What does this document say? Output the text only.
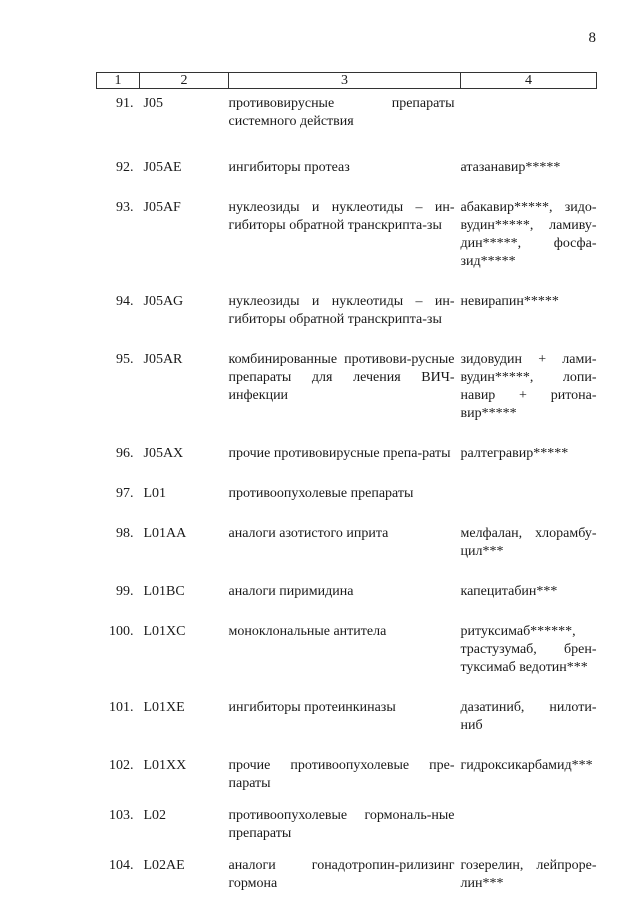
8
1	2	3	4
91.	J05	противовирусные препараты системного действия	
92.	J05AE	ингибиторы протеаз	атазанавир*****
93.	J05AF	нуклеозиды и нуклеотиды – ин-гибиторы обратной транскрипта-зы	абакавир*****, зидо-вудин*****, ламиву-дин*****, фосфа-зид*****
94.	J05AG	нуклеозиды и нуклеотиды – ин-гибиторы обратной транскрипта-зы	невирапин*****
95.	J05AR	комбинированные противови-русные препараты для лечения ВИЧ-инфекции	зидовудин + лами-вудин*****, лопи-навир + ритона-вир*****
96.	J05AX	прочие противовирусные препа-раты	ралтегравир*****
97.	L01	противоопухолевые препараты	
98.	L01AA	аналоги азотистого иприта	мелфалан, хлорамбу-цил***
99.	L01BC	аналоги пиримидина	капецитабин***
100.	L01XC	моноклональные антитела	ритуксимаб******, трастузумаб, брен-туксимаб ведотин***
101.	L01XE	ингибиторы протеинкиназы	дазатиниб, нилоти-ниб
102.	L01XX	прочие противоопухолевые пре-параты	гидроксикарбамид***
103.	L02	противоопухолевые гормональ-ные препараты	
104.	L02AE	аналоги гонадотропин-рилизинг гормона	гозерелин, лейпроре-лин***
